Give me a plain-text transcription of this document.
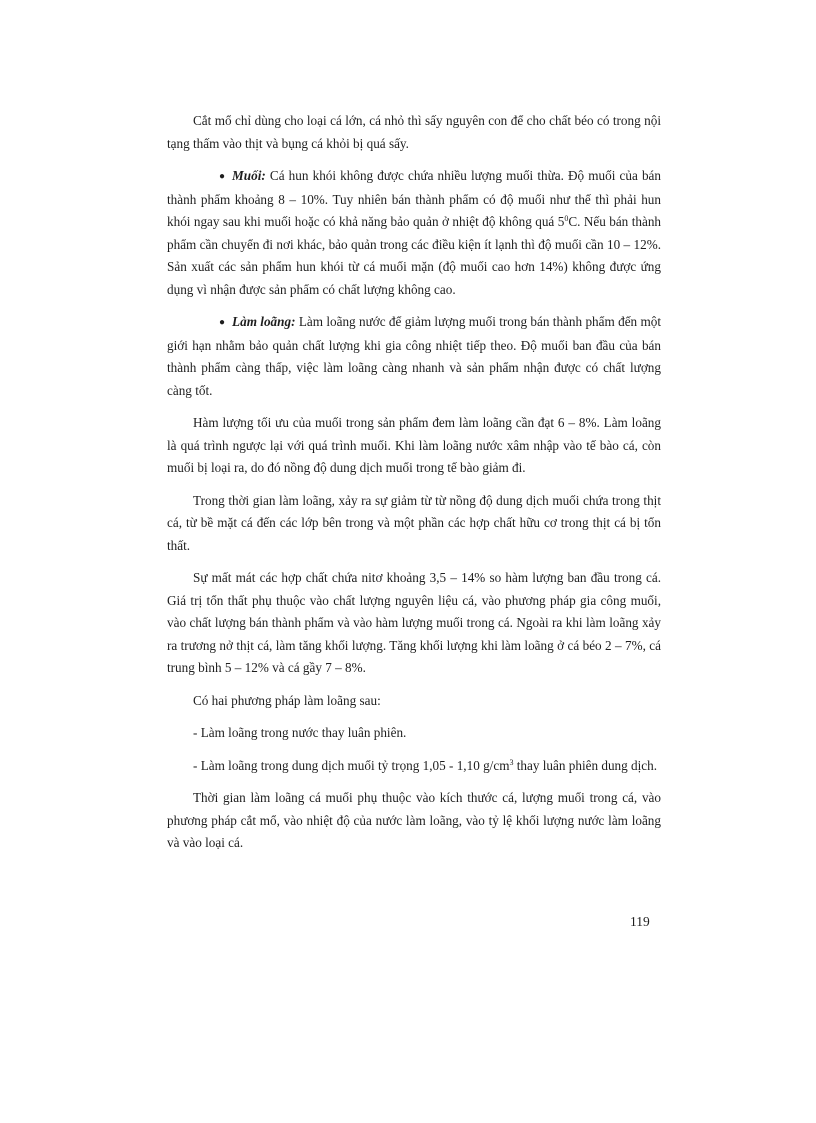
Cắt mổ chỉ dùng cho loại cá lớn, cá nhỏ thì sấy nguyên con để cho chất béo có trong nội tạng thấm vào thịt và bụng cá khỏi bị quá sấy.

● Muối: Cá hun khói không được chứa nhiều lượng muối thừa. Độ muối của bán thành phẩm khoảng 8 – 10%. Tuy nhiên bán thành phẩm có độ muối như thế thì phải hun khói ngay sau khi muối hoặc có khả năng bảo quản ở nhiệt độ không quá $5^0C$. Nếu bán thành phẩm cần chuyển đi nơi khác, bảo quản trong các điều kiện ít lạnh thì độ muối cần 10 – 12%. Sản xuất các sản phẩm hun khói từ cá muối mặn (độ muối cao hơn 14%) không được ứng dụng vì nhận được sản phẩm có chất lượng không cao.

● Làm loãng: Làm loãng nước để giảm lượng muối trong bán thành phẩm đến một giới hạn nhằm bảo quản chất lượng khi gia công nhiệt tiếp theo. Độ muối ban đầu của bán thành phẩm càng thấp, việc làm loãng càng nhanh và sản phẩm nhận được có chất lượng càng tốt.

Hàm lượng tối ưu của muối trong sản phẩm đem làm loãng cần đạt 6 – 8%. Làm loãng là quá trình ngược lại với quá trình muối. Khi làm loãng nước xâm nhập vào tế bào cá, còn muối bị loại ra, do đó nồng độ dung dịch muối trong tế bào giảm đi.

Trong thời gian làm loãng, xảy ra sự giảm từ từ nồng độ dung dịch muối chứa trong thịt cá, từ bề mặt cá đến các lớp bên trong và một phần các hợp chất hữu cơ trong thịt cá bị tổn thất.

Sự mất mát các hợp chất chứa nitơ khoảng 3,5 – 14% so hàm lượng ban đầu trong cá. Giá trị tổn thất phụ thuộc vào chất lượng nguyên liệu cá, vào phương pháp gia công muối, vào chất lượng bán thành phẩm và vào hàm lượng muối trong cá. Ngoài ra khi làm loãng xảy ra trương nở thịt cá, làm tăng khối lượng. Tăng khối lượng khi làm loãng ở cá béo 2 – 7%, cá trung bình 5 – 12% và cá gầy 7 – 8%.

Có hai phương pháp làm loãng sau:

- Làm loãng trong nước thay luân phiên.

- Làm loãng trong dung dịch muối tỷ trọng 1,05 - 1,10 $g/cm^3$ thay luân phiên dung dịch.

Thời gian làm loãng cá muối phụ thuộc vào kích thước cá, lượng muối trong cá, vào phương pháp cắt mổ, vào nhiệt độ của nước làm loãng, vào tỷ lệ khối lượng nước làm loãng và vào loại cá.

119
